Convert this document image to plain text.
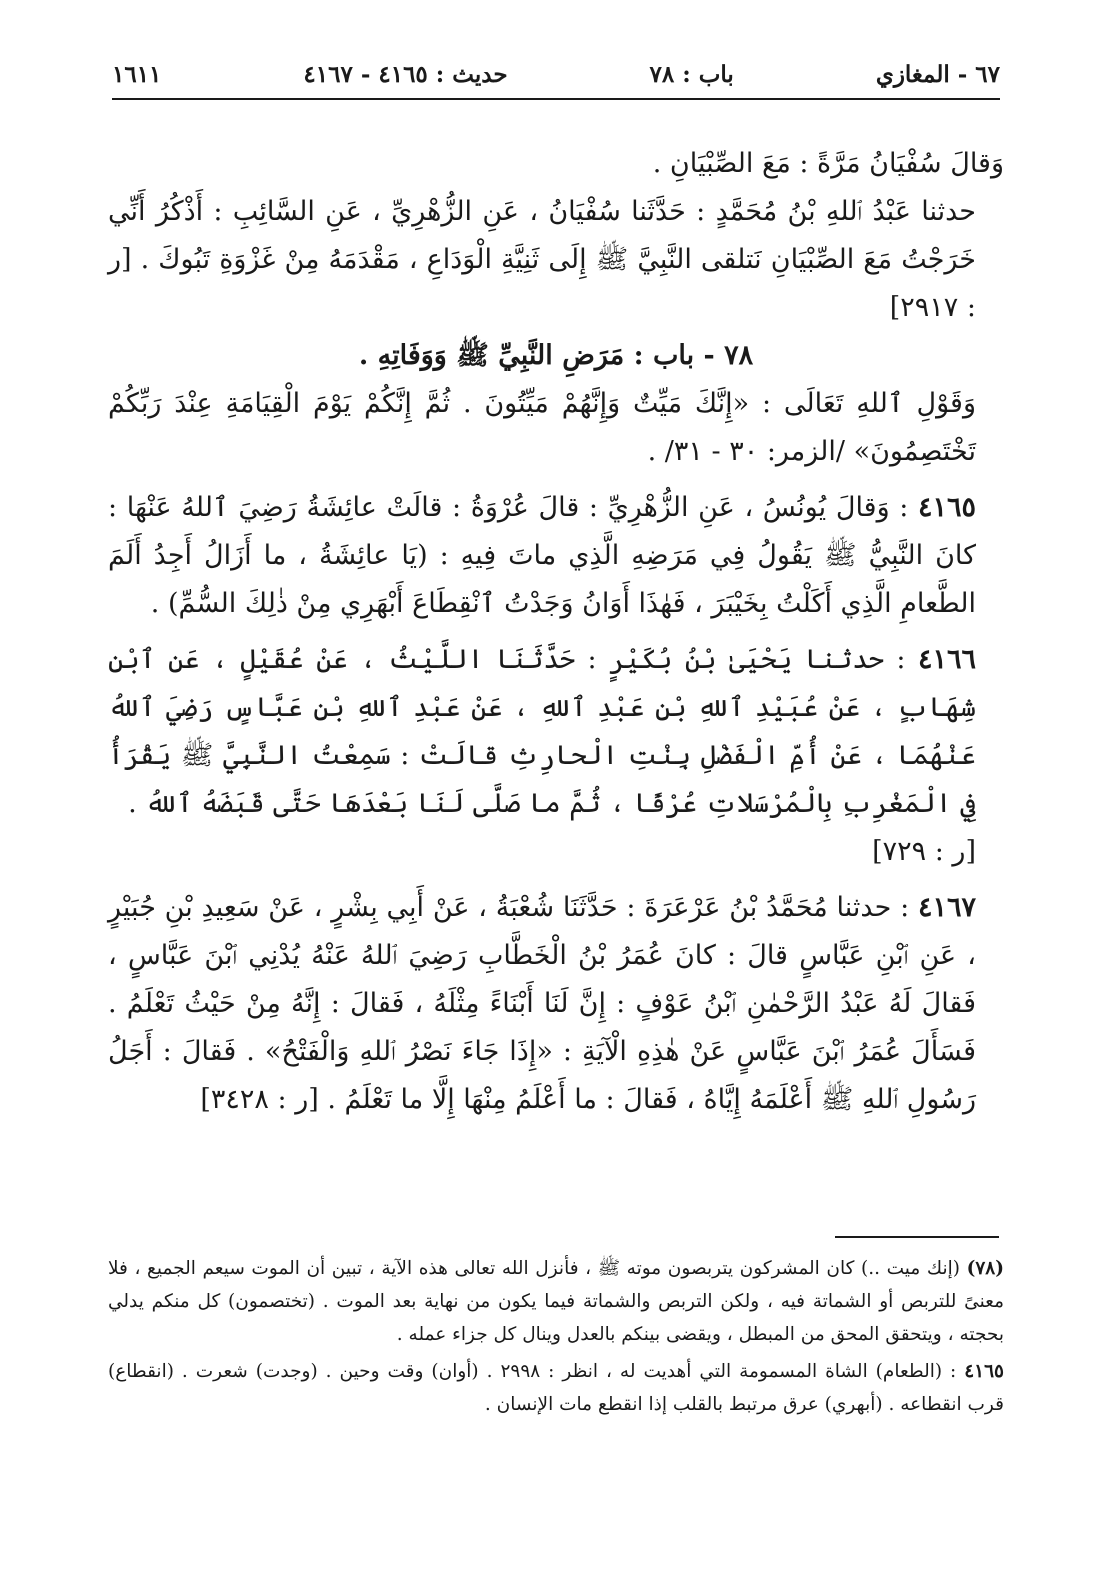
٦٧ - المغازي
باب : ٧٨
حديث : ٤١٦٥ - ٤١٦٧
١٦١١

وَقالَ سُفْيَانُ مَرَّةً : مَعَ الصِّبْيَانِ .

حدثنا عَبْدُ ٱللهِ بْنُ مُحَمَّدٍ : حَدَّثَنا سُفْيَانُ ، عَنِ الزُّهْرِيِّ ، عَنِ السَّائِبِ : أَذْكُرُ أَنِّي خَرَجْتُ مَعَ الصِّبْيَانِ نَتلقى النَّبِيَّ ﷺ إِلَى ثَنِيَّةِ الْوَدَاعِ ، مَقْدَمَهُ مِنْ غَزْوَةِ تَبُوكَ . [ر : ٢٩١٧]

٧٨ - باب : مَرَضِ النَّبِيِّ ﷺ وَوَفَاتِهِ .

وَقَوْلِ ٱللهِ تَعَالَى : «إِنَّكَ مَيِّتٌ وَإِنَّهُمْ مَيِّتُونَ . ثُمَّ إِنَّكُمْ يَوْمَ الْقِيَامَةِ عِنْدَ رَبِّكُمْ تَخْتَصِمُونَ» /الزمر: ٣٠ - ٣١/ .

٤١٦٥ : وَقالَ يُونُسُ ، عَنِ الزُّهْرِيِّ : قالَ عُرْوَةُ : قالَتْ عائِشَةُ رَضِيَ ٱللهُ عَنْهَا : كانَ النَّبِيُّ ﷺ يَقُولُ فِي مَرَضِهِ الَّذِي ماتَ فِيهِ : (يَا عائِشَةُ ، ما أَزَالُ أَجِدُ أَلَمَ الطَّعامِ الَّذِي أَكَلْتُ بِخَيْبَرَ ، فَهٰذَا أَوَانُ وَجَدْتُ ٱنْقِطَاعَ أَبْهَرِي مِنْ ذٰلِكَ السُّمِّ) .

٤١٦٦ : حدثنا يَحْيَىٰ بْنُ بُكَيْرٍ : حَدَّثَنَا اللَّيْثُ ، عَنْ عُقَيْلٍ ، عَنِ ٱبْنِ شِهَابٍ ، عَنْ عُبَيْدِ ٱللهِ بْنِ عَبْدِ ٱللهِ ، عَنْ عَبْدِ ٱللهِ بْنِ عَبَّاسٍ رَضِيَ ٱللهُ عَنْهُمَا ، عَنْ أُمِّ الْفَضْلِ بِنْتِ الْحارِثِ قالَتْ : سَمِعْتُ النَّبِيَّ ﷺ يَقْرَأُ فِي الْمَغْرِبِ بِالْمُرْسَلاتِ عُرْفًا ، ثُمَّ ما صَلَّى لَنَا بَعْدَهَا حَتَّى قَبَضَهُ ٱللهُ .

[ر : ٧٢٩]

٤١٦٧ : حدثنا مُحَمَّدُ بْنُ عَرْعَرَةَ : حَدَّثَنَا شُعْبَةُ ، عَنْ أَبِي بِشْرٍ ، عَنْ سَعِيدِ بْنِ جُبَيْرٍ ، عَنِ ٱبْنِ عَبَّاسٍ قالَ : كانَ عُمَرُ بْنُ الْخَطَّابِ رَضِيَ ٱللهُ عَنْهُ يُدْنِي ٱبْنَ عَبَّاسٍ ، فَقالَ لَهُ عَبْدُ الرَّحْمٰنِ ٱبْنُ عَوْفٍ : إِنَّ لَنَا أَبْنَاءً مِثْلَهُ ، فَقالَ : إِنَّهُ مِنْ حَيْثُ تَعْلَمُ . فَسَأَلَ عُمَرُ ٱبْنَ عَبَّاسٍ عَنْ هٰذِهِ الْآيَةِ : «إِذَا جَاءَ نَصْرُ ٱللهِ وَالْفَتْحُ» . فَقالَ : أَجَلُ رَسُولِ ٱللهِ ﷺ أَعْلَمَهُ إِيَّاهُ ، فَقالَ : ما أَعْلَمُ مِنْهَا إِلَّا ما تَعْلَمُ . [ر : ٣٤٢٨]

(٧٨) (إنك ميت ..) كان المشركون يتربصون موته ﷺ ، فأنزل الله تعالى هذه الآية ، تبين أن الموت سيعم الجميع ، فلا معنىً للتربص أو الشماتة فيه ، ولكن التربص والشماتة فيما يكون من نهاية بعد الموت . (تختصمون) كل منكم يدلي بحجته ، ويتحقق المحق من المبطل ، ويقضى بينكم بالعدل وينال كل جزاء عمله .

٤١٦٥ : (الطعام) الشاة المسمومة التي أهديت له ، انظر : ٢٩٩٨ . (أوان) وقت وحين . (وجدت) شعرت . (انقطاع) قرب انقطاعه . (أبهري) عرق مرتبط بالقلب إذا انقطع مات الإنسان .
